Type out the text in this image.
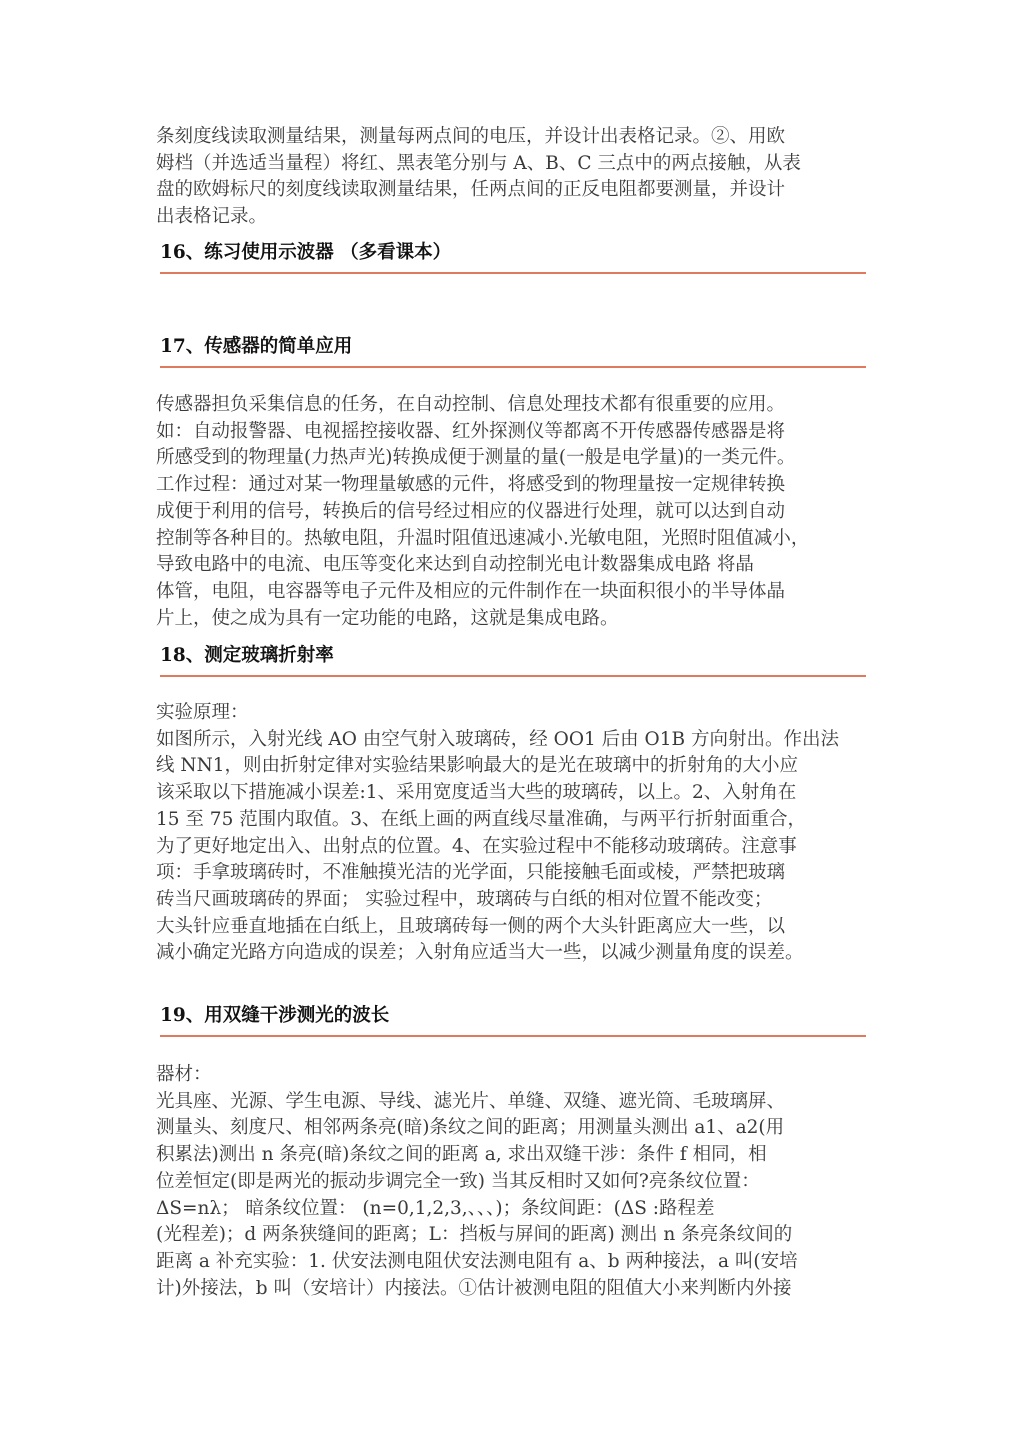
条刻度线读取测量结果，测量每两点间的电压，并设计出表格记录。②、用欧
姆档（并选适当量程）将红、黑表笔分别与 A、B、C 三点中的两点接触，从表
盘的欧姆标尺的刻度线读取测量结果，任两点间的正反电阻都要测量，并设计
出表格记录。
16、练习使用示波器 （多看课本）
17、传感器的简单应用
传感器担负采集信息的任务，在自动控制、信息处理技术都有很重要的应用。
如：自动报警器、电视摇控接收器、红外探测仪等都离不开传感器传感器是将
所感受到的物理量(力热声光)转换成便于测量的量(一般是电学量)的一类元件。
工作过程：通过对某一物理量敏感的元件，将感受到的物理量按一定规律转换
成便于利用的信号，转换后的信号经过相应的仪器进行处理，就可以达到自动
控制等各种目的。热敏电阻，升温时阻值迅速减小.光敏电阻，光照时阻值减小，
导致电路中的电流、电压等变化来达到自动控制光电计数器集成电路 将晶
体管，电阻，电容器等电子元件及相应的元件制作在一块面积很小的半导体晶
片上，使之成为具有一定功能的电路，这就是集成电路。
18、测定玻璃折射率
实验原理：
如图所示，入射光线 AO 由空气射入玻璃砖，经 OO1 后由 O1B 方向射出。作出法
线 NN1，则由折射定律对实验结果影响最大的是光在玻璃中的折射角的大小应
该采取以下措施减小误差:1、采用宽度适当大些的玻璃砖，以上。2、入射角在
15 至 75 范围内取值。3、在纸上画的两直线尽量准确，与两平行折射面重合，
为了更好地定出入、出射点的位置。4、在实验过程中不能移动玻璃砖。注意事
项：手拿玻璃砖时，不准触摸光洁的光学面，只能接触毛面或棱，严禁把玻璃
砖当尺画玻璃砖的界面； 实验过程中，玻璃砖与白纸的相对位置不能改变；
大头针应垂直地插在白纸上，且玻璃砖每一侧的两个大头针距离应大一些，以
减小确定光路方向造成的误差；入射角应适当大一些，以减少测量角度的误差。
19、用双缝干涉测光的波长
器材：
光具座、光源、学生电源、导线、滤光片、单缝、双缝、遮光筒、毛玻璃屏、
测量头、刻度尺、相邻两条亮(暗)条纹之间的距离；用测量头测出 a1、a2(用
积累法)测出 n 条亮(暗)条纹之间的距离 a, 求出双缝干涉：条件 f 相同，相
位差恒定(即是两光的振动步调完全一致) 当其反相时又如何?亮条纹位置：
ΔS=nλ； 暗条纹位置： (n=0,1,2,3,、、、)；条纹间距：(ΔS :路程差
(光程差)；d 两条狭缝间的距离；L：挡板与屏间的距离) 测出 n 条亮条纹间的
距离 a 补充实验：1. 伏安法测电阻伏安法测电阻有 a、b 两种接法，a 叫(安培
计)外接法，b 叫（安培计）内接法。①估计被测电阻的阻值大小来判断内外接
